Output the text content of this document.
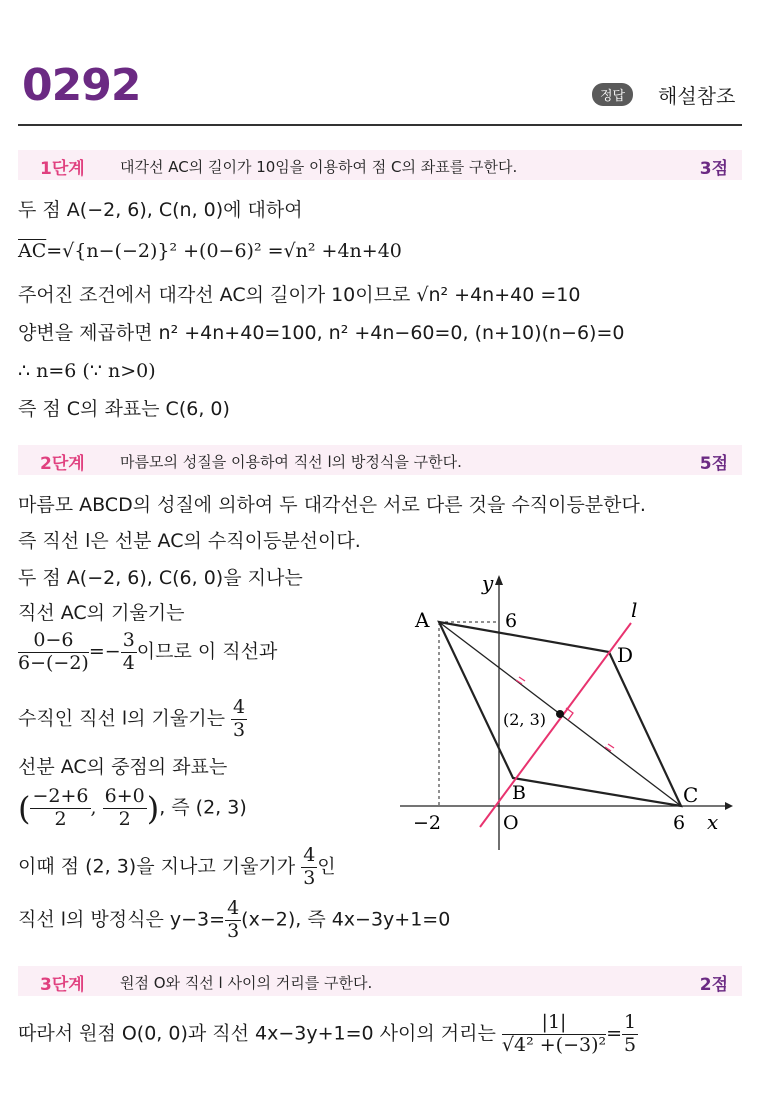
0292	정답	해설참조
1단계 대각선 AC의 길이가 10임을 이용하여 점 C의 좌표를 구한다.	3점
두 점 A(−2, 6), C(n, 0)에 대하여
$\overline{AC}=√\{n-(-2)\}^2 +(0-6)^2 =√n^2 +4n+40$
주어진 조건에서 대각선 AC의 길이가 10이므로 √n² +4n+40 =10
양변을 제곱하면 n² +4n+40=100, n² +4n−60=0, (n+10)(n−6)=0
∴ n=6 (∵ n>0)
즉 점 C의 좌표는 C(6, 0)
2단계 마름모의 성질을 이용하여 직선 l의 방정식을 구한다.	5점
마름모 ABCD의 성질에 의하여 두 대각선은 서로 다른 것을 수직이등분한다.
즉 직선 l은 선분 AC의 수직이등분선이다.
두 점 A(−2, 6), C(6, 0)을 지나는
직선 AC의 기울기는
$\frac{0-6}{6-(-2)} =- \frac{3}{4}$ 이므로 이 직선과
수직인 직선 l의 기울기는 $\frac{4}{3}$
선분 AC의 중점의 좌표는
( $\frac{-2+6}{2}$ , $\frac{6+0}{2}$ ), 즉 (2, 3)
이때 점 (2, 3)을 지나고 기울기가 $\frac{4}{3}$ 인
직선 l의 방정식은 $y-3= \frac{4}{3} (x-2)$, 즉 4x−3y+1=0
A	6
D
l
y
(2, 3)
B	C
−2	O	6 x
3단계 원점 O와 직선 l 사이의 거리를 구한다.	2점
따라서 원점 O(0, 0)과 직선 4x−3y+1=0 사이의 거리는 $\frac{|1|}{\text{√4² +(−3)²}} = \frac{1}{5}$
